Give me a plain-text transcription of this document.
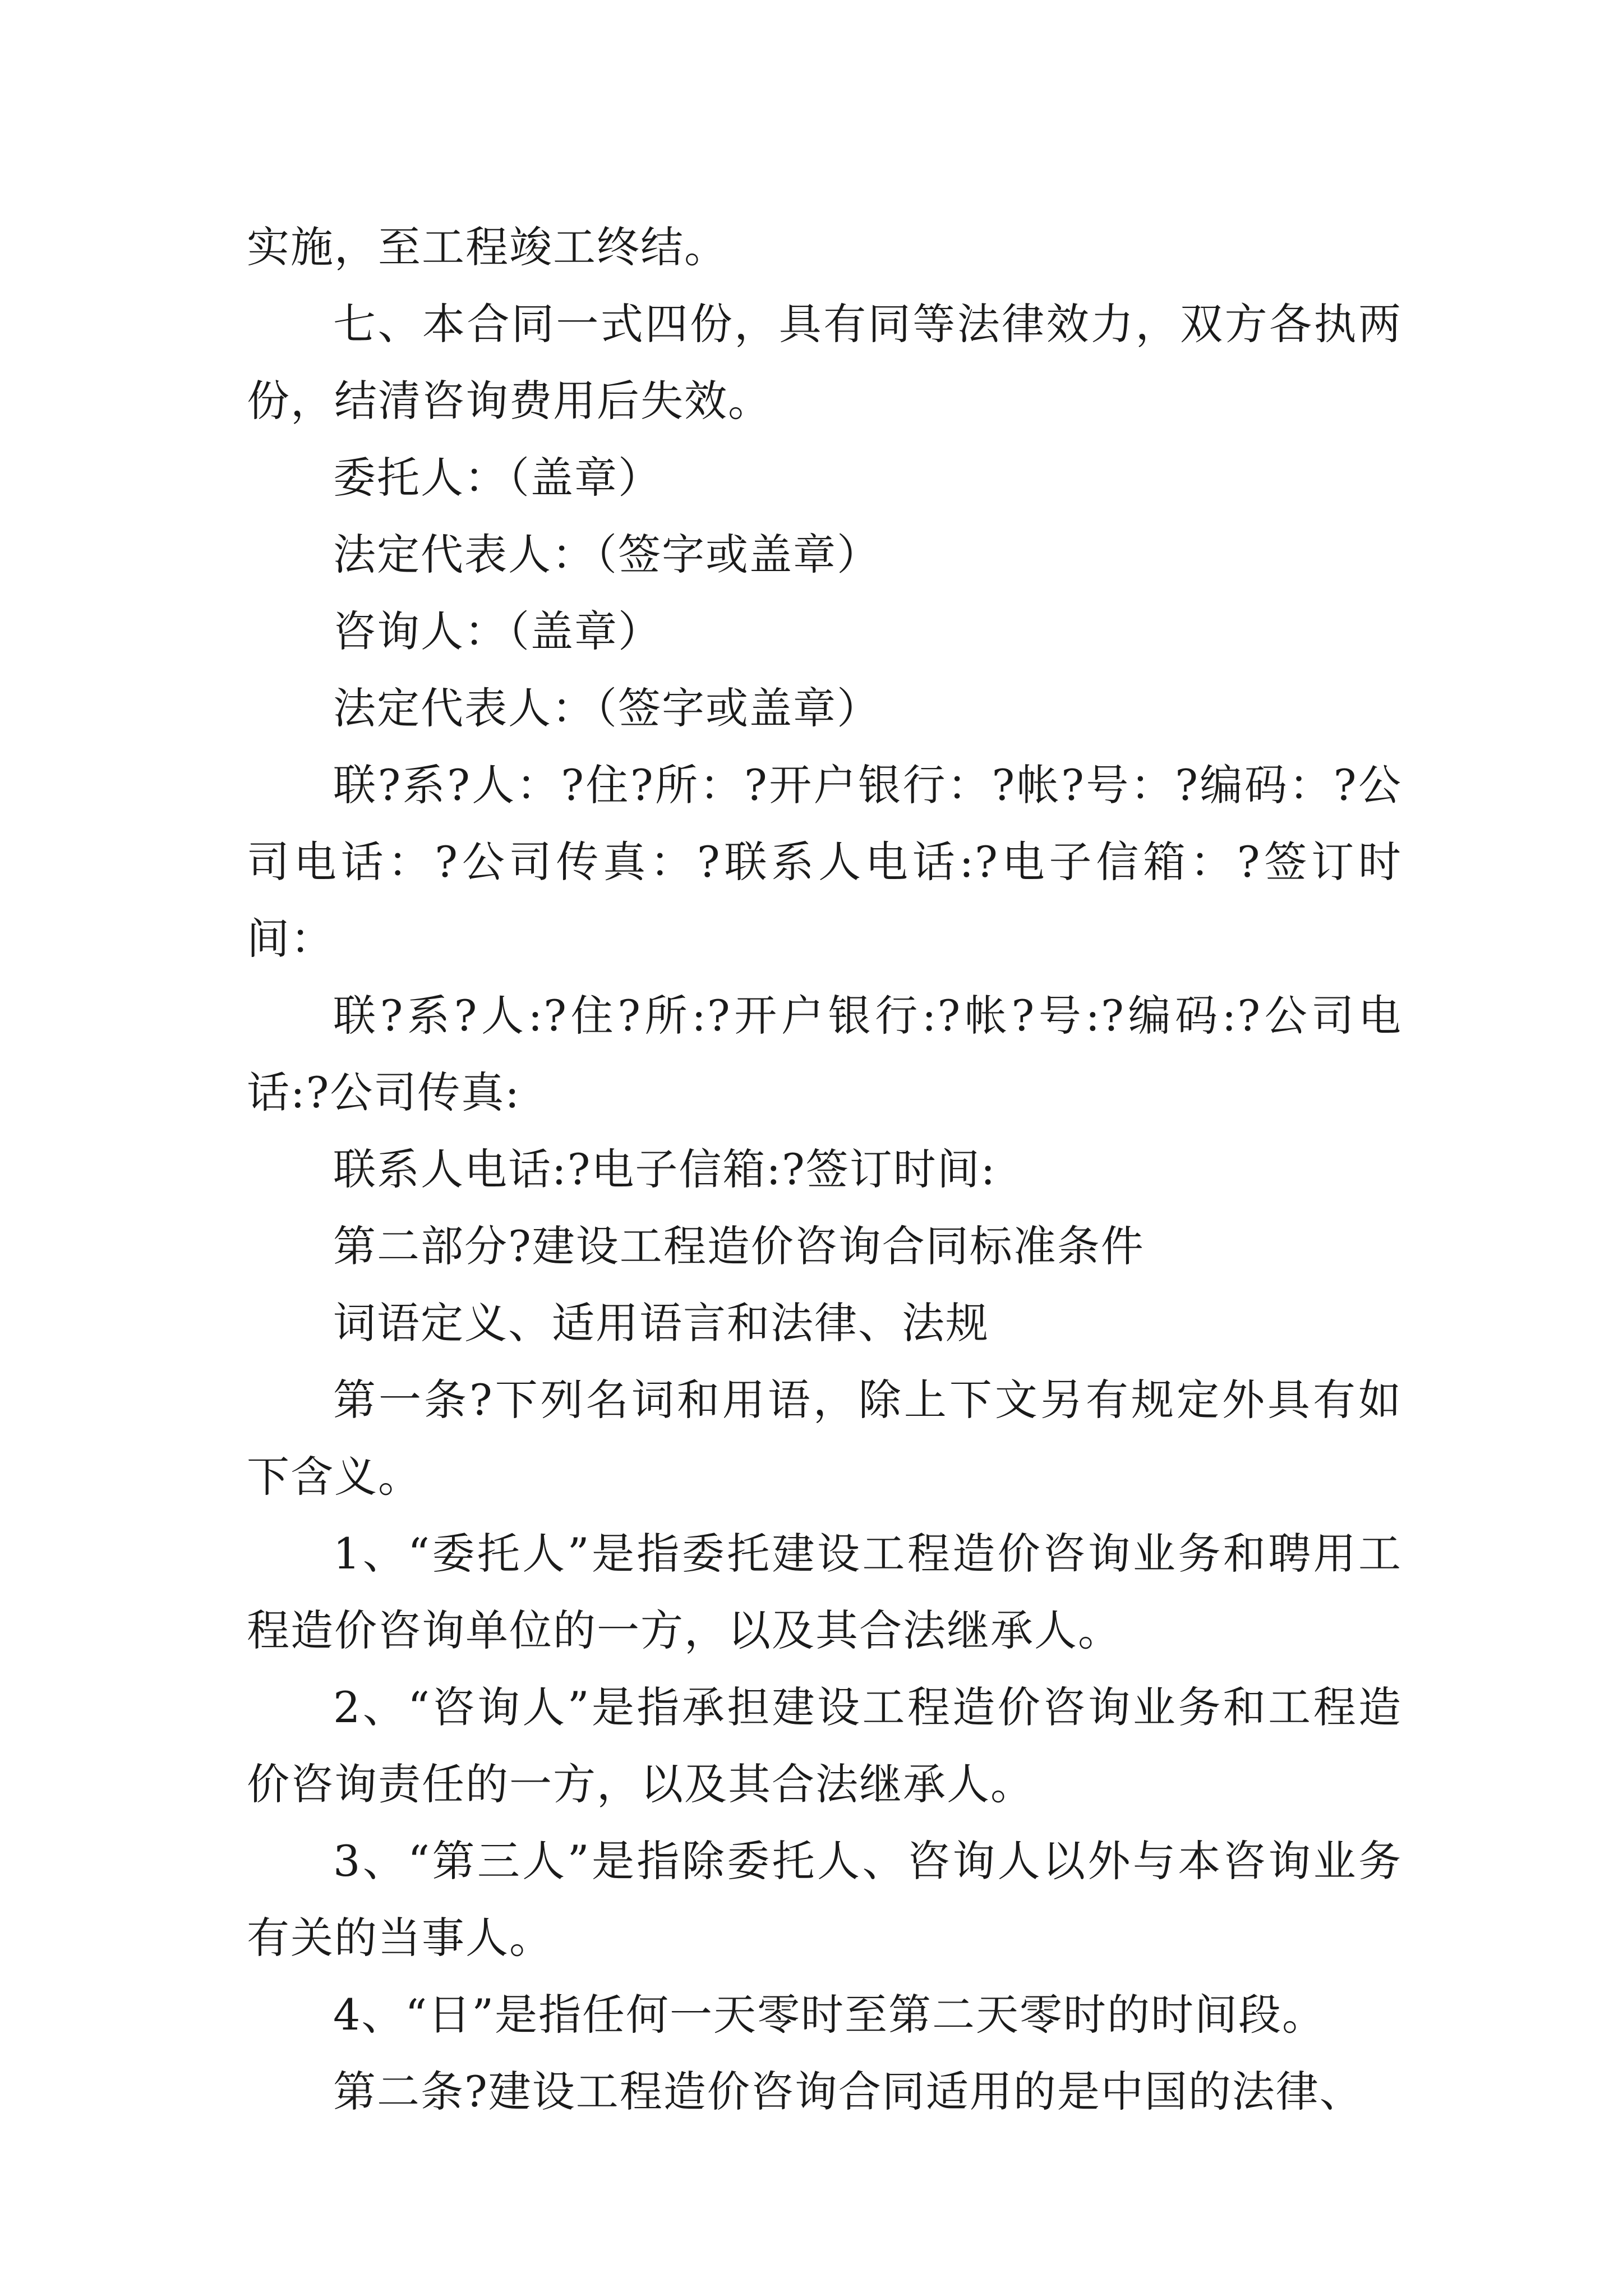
实施，至工程竣工终结。

七、本合同一式四份，具有同等法律效力，双方各执两份，结清咨询费用后失效。

委托人：（盖章）

法定代表人：（签字或盖章）

咨询人：（盖章）

法定代表人：（签字或盖章）

联?系?人：?住?所：?开户银行：?帐?号：?编码：?公司电话：?公司传真：?联系人电话:?电子信箱：?签订时间：

联?系?人:?住?所:?开户银行:?帐?号:?编码:?公司电话:?公司传真:

联系人电话:?电子信箱:?签订时间:

第二部分?建设工程造价咨询合同标准条件

词语定义、适用语言和法律、法规

第一条?下列名词和用语，除上下文另有规定外具有如下含义。

1、“委托人”是指委托建设工程造价咨询业务和聘用工程造价咨询单位的一方，以及其合法继承人。

2、“咨询人”是指承担建设工程造价咨询业务和工程造价咨询责任的一方，以及其合法继承人。

3、“第三人”是指除委托人、咨询人以外与本咨询业务有关的当事人。

4、“日”是指任何一天零时至第二天零时的时间段。

第二条?建设工程造价咨询合同适用的是中国的法律、
